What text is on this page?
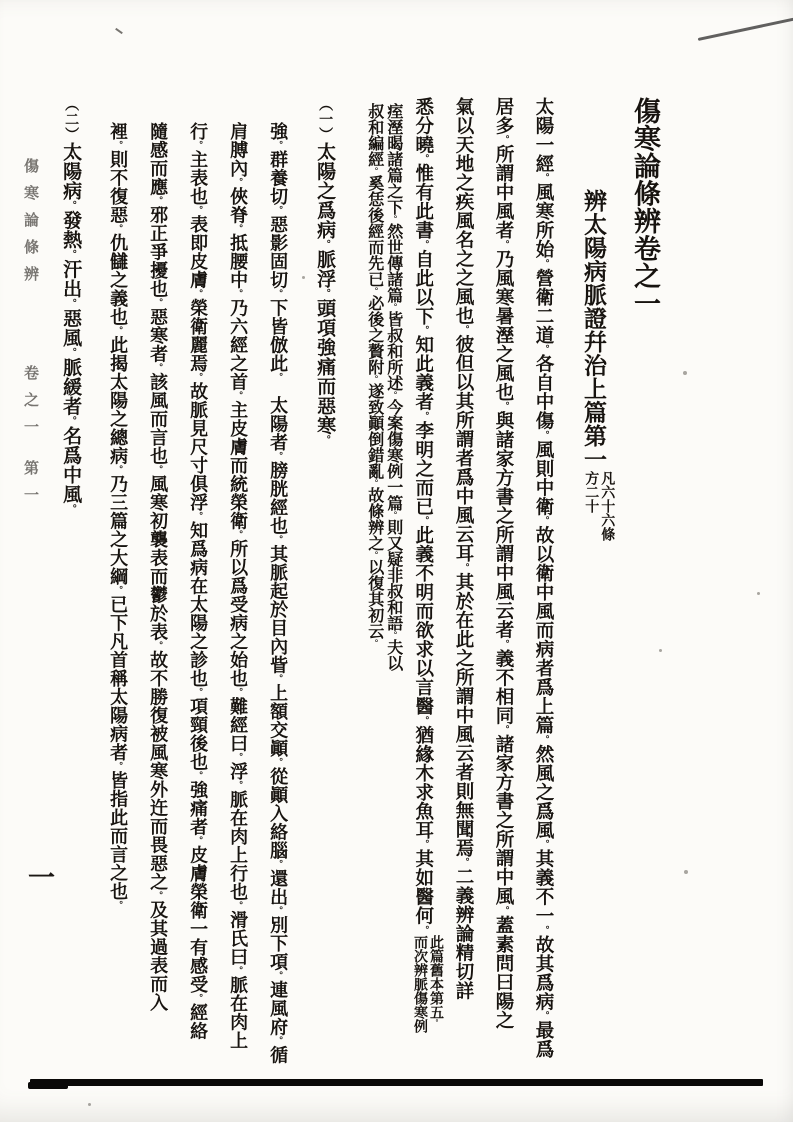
傷寒論條辨卷之一
辨太陽病脈證幷治上篇第一
凡六十六條
方二十
太陽一經。風寒所始。營衛二道。各自中傷。風則中衛。故以衛中風而病者爲上篇。然風之爲風。其義不一。故其爲病。最爲
居多。所謂中風者。乃風寒暑溼之風也。與諸家方書之所謂中風云者。義不相同。諸家方書之所謂中風。蓋素問曰陽之
氣以天地之疾風名之之風也。彼但以其所謂者爲中風云耳。其於在此之所謂中風云者則無聞焉。二義辨論精切詳
悉分曉。惟有此書。自此以下。知此義者。李明之而已。此義不明而欲求以言醫。猶緣木求魚耳。其如醫何。
此篇舊本第五。
而次辨脈傷寒例
痓溼暍諸篇之下。然世傳諸篇。皆叔和所述。今案傷寒例一篇。則又疑非叔和語。夫以
叔和編經。奚恁後經而先已。必後之贅附。遂致顚倒錯亂。故條辨之。以復其初云。
（一）太陽之爲病。脈浮。頭項強痛而惡寒。
強。群養切。惡影固切。下皆倣此。　太陽者。膀胱經也。其脈起於目內眥。上額交顚。從顚入絡腦。還出。別下項。連風府。循
肩膊內。俠脊。抵腰中。乃六經之首。主皮膚而統榮衛。所以爲受病之始也。難經曰。浮。脈在肉上行也。滑氏曰。脈在肉上
行。主表也。表即皮膚。榮衛麗焉。故脈見尺寸俱浮。知爲病在太陽之診也。項頸後也。強痛者。皮膚榮衛一有感受。經絡
隨感而應。邪正爭擾也。惡寒者。該風而言也。風寒初襲表而鬱於表。故不勝復被風寒外迕而畏惡之。及其過表而入
裡。則不復惡。仇讎之義也。此揭太陽之總病。乃三篇之大綱。已下凡首稱太陽病者。皆指此而言之也。
（二）太陽病。發熱。汗出。惡風。脈緩者。名爲中風。
傷寒論條辨卷之一第一
一
